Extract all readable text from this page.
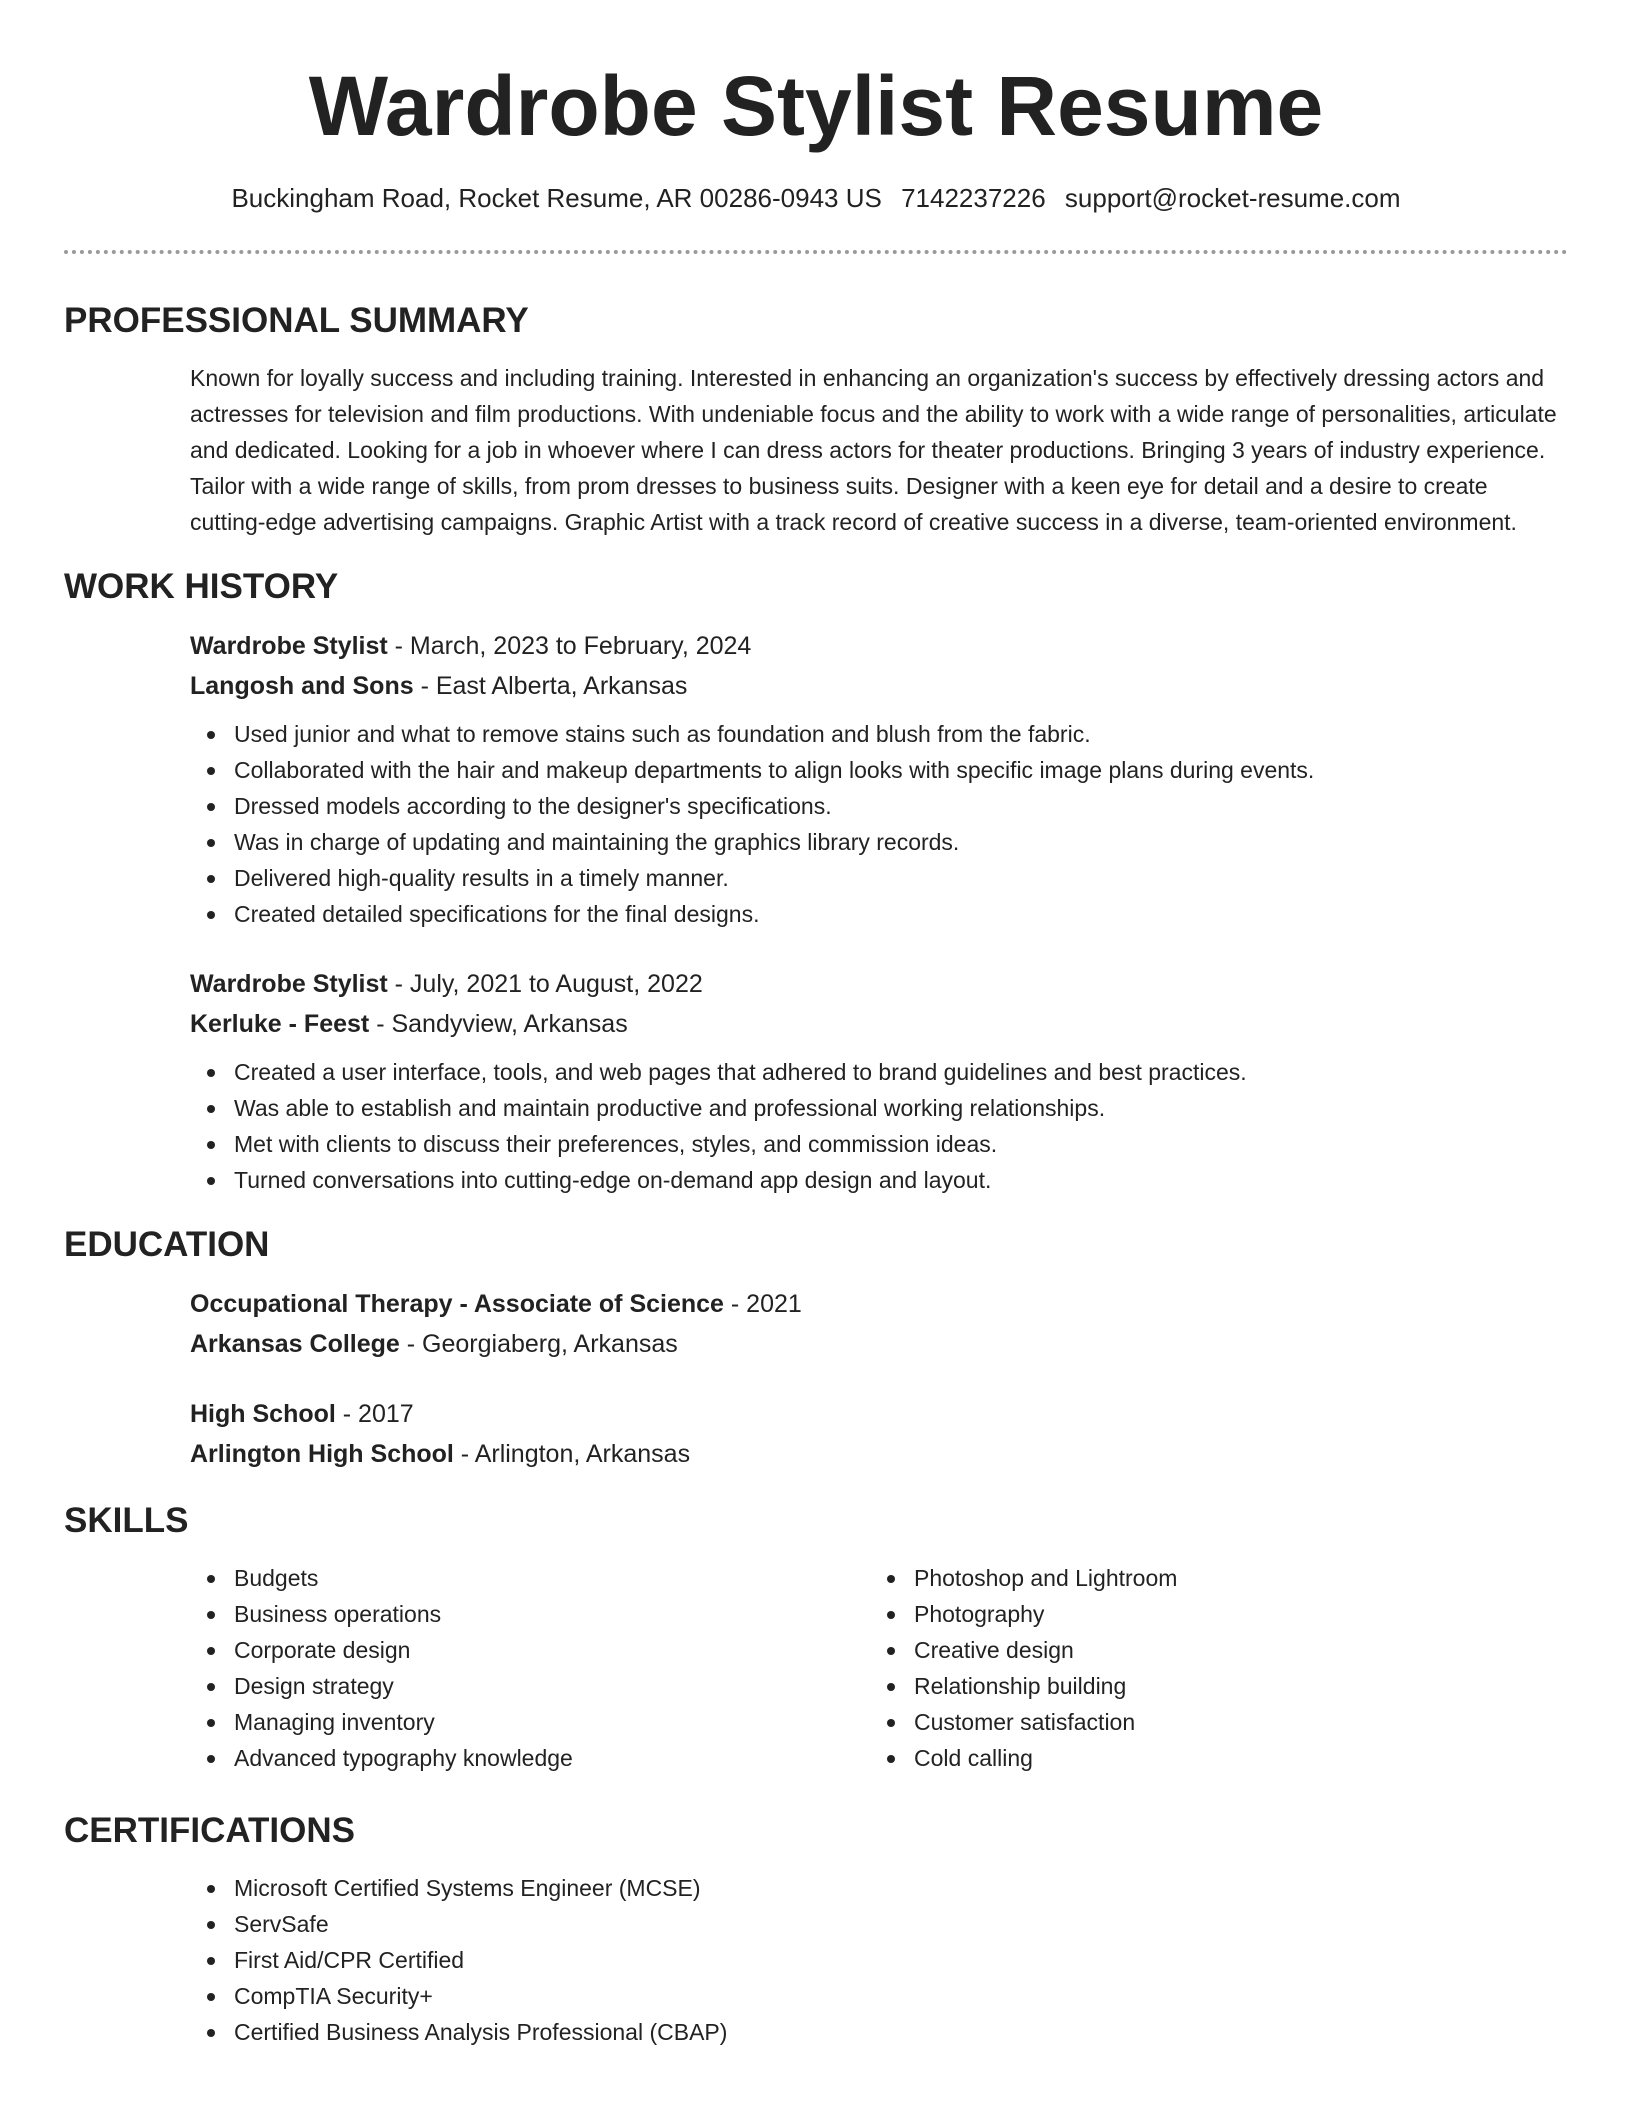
Wardrobe Stylist Resume
Buckingham Road, Rocket Resume, AR 00286-0943 US 7142237226 support@rocket-resume.com
PROFESSIONAL SUMMARY

Known for loyally success and including training. Interested in enhancing an organization's success by effectively dressing actors and actresses for television and film productions. With undeniable focus and the ability to work with a wide range of personalities, articulate and dedicated. Looking for a job in whoever where I can dress actors for theater productions. Bringing 3 years of industry experience. Tailor with a wide range of skills, from prom dresses to business suits. Designer with a keen eye for detail and a desire to create cutting-edge advertising campaigns. Graphic Artist with a track record of creative success in a diverse, team-oriented environment.

WORK HISTORY
Wardrobe Stylist - March, 2023 to February, 2024
Langosh and Sons - East Alberta, Arkansas
Used junior and what to remove stains such as foundation and blush from the fabric.
Collaborated with the hair and makeup departments to align looks with specific image plans during events.
Dressed models according to the designer's specifications.
Was in charge of updating and maintaining the graphics library records.
Delivered high-quality results in a timely manner.
Created detailed specifications for the final designs.
Wardrobe Stylist - July, 2021 to August, 2022
Kerluke - Feest - Sandyview, Arkansas
Created a user interface, tools, and web pages that adhered to brand guidelines and best practices.
Was able to establish and maintain productive and professional working relationships.
Met with clients to discuss their preferences, styles, and commission ideas.
Turned conversations into cutting-edge on-demand app design and layout.
EDUCATION
Occupational Therapy - Associate of Science - 2021
Arkansas College - Georgiaberg, Arkansas
High School - 2017
Arlington High School - Arlington, Arkansas
SKILLS
Budgets
Business operations
Corporate design
Design strategy
Managing inventory
Advanced typography knowledge
Photoshop and Lightroom
Photography
Creative design
Relationship building
Customer satisfaction
Cold calling
CERTIFICATIONS
Microsoft Certified Systems Engineer (MCSE)
ServSafe
First Aid/CPR Certified
CompTIA Security+
Certified Business Analysis Professional (CBAP)
